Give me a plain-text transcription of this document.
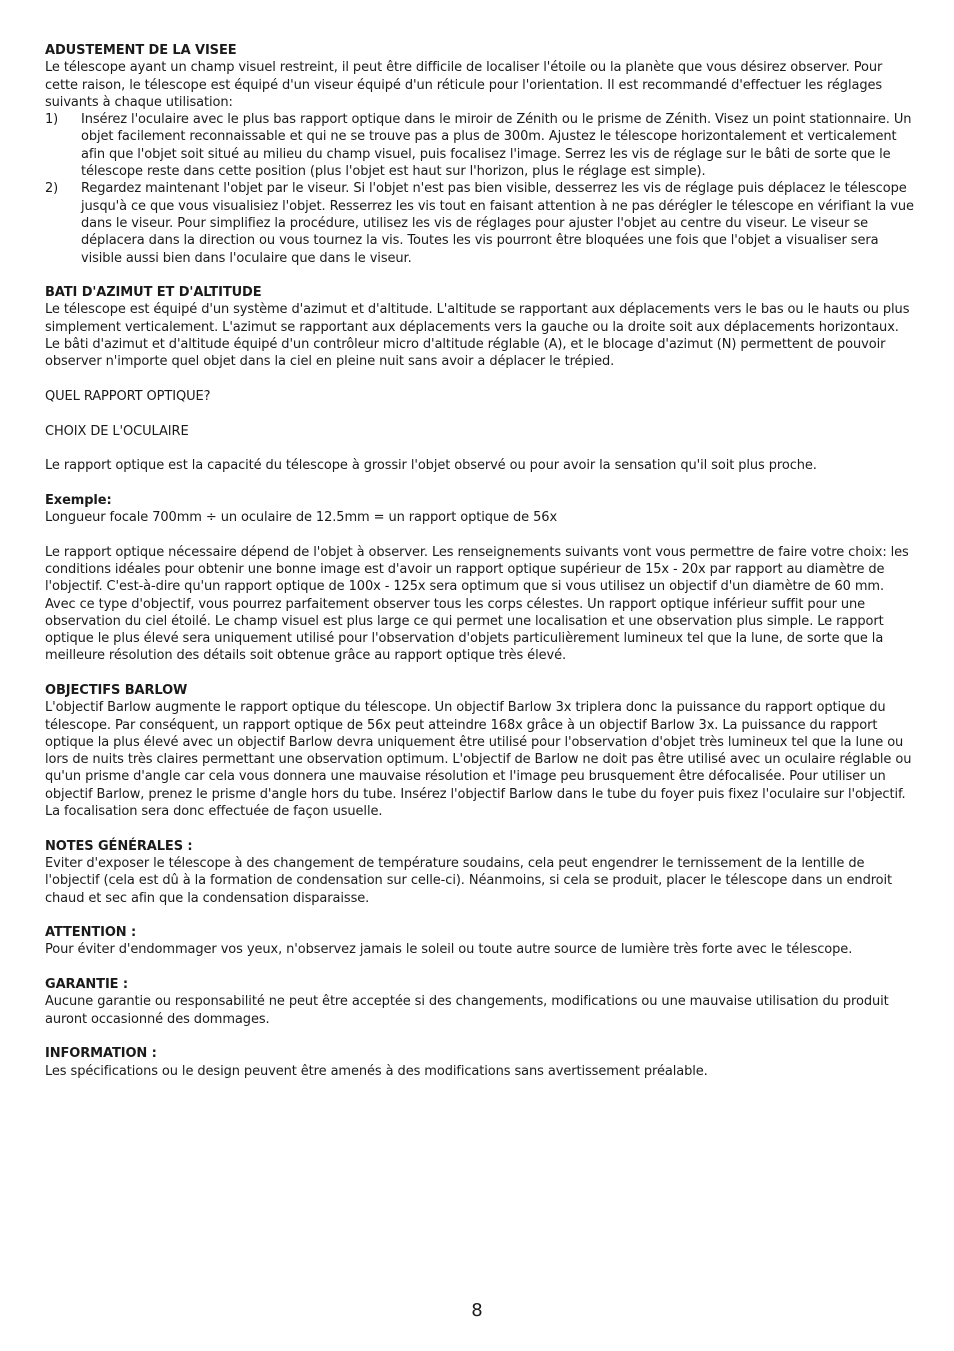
ADUSTEMENT DE LA VISEE

Le télescope ayant un champ visuel restreint, il peut être difficile de localiser l'étoile ou la planète que vous désirez observer. Pour cette raison, le télescope est équipé d'un viseur équipé d'un réticule pour l'orientation. Il est recommandé d'effectuer les réglages suivants à chaque utilisation:

1) Insérez l'oculaire avec le plus bas rapport optique dans le miroir de Zénith ou le prisme de Zénith. Visez un point stationnaire. Un objet facilement reconnaissable et qui ne se trouve pas a plus de 300m. Ajustez le télescope horizontalement et verticalement afin que l'objet soit situé au milieu du champ visuel, puis focalisez l'image. Serrez les vis de réglage sur le bâti de sorte que le télescope reste dans cette position (plus l'objet est haut sur l'horizon, plus le réglage est simple).
2) Regardez maintenant l'objet par le viseur. Si l'objet n'est pas bien visible, desserrez les vis de réglage puis déplacez le télescope jusqu'à ce que vous visualisiez l'objet. Resserrez les vis tout en faisant attention à ne pas dérégler le télescope en vérifiant la vue dans le viseur. Pour simplifiez la procédure, utilisez les vis de réglages pour ajuster l'objet au centre du viseur. Le viseur se déplacera dans la direction ou vous tournez la vis. Toutes les vis pourront être bloquées une fois que l'objet a visualiser sera visible aussi bien dans l'oculaire que dans le viseur.
BATI D'AZIMUT ET D'ALTITUDE

Le télescope est équipé d'un système d'azimut et d'altitude. L'altitude se rapportant aux déplacements vers le bas ou le hauts ou plus simplement verticalement. L'azimut se rapportant aux déplacements vers la gauche ou la droite soit aux déplacements horizontaux. Le bâti d'azimut et d'altitude équipé d'un contrôleur micro d'altitude réglable (A), et le blocage d'azimut (N) permettent de pouvoir observer n'importe quel objet dans la ciel en pleine nuit sans avoir a déplacer le trépied.

QUEL RAPPORT OPTIQUE?
CHOIX DE L'OCULAIRE

Le rapport optique est la capacité du télescope à grossir l'objet observé ou pour avoir la sensation qu'il soit plus proche.

Exemple:

Longueur focale 700mm ÷ un oculaire de 12.5mm = un rapport optique de 56x

Le rapport optique nécessaire dépend de l'objet à observer. Les renseignements suivants vont vous permettre de faire votre choix: les conditions idéales pour obtenir une bonne image est d'avoir un rapport optique supérieur de 15x - 20x par rapport au diamètre de l'objectif. C'est-à-dire qu'un rapport optique de 100x - 125x sera optimum que si vous utilisez un objectif d'un diamètre de 60 mm. Avec ce type d'objectif, vous pourrez parfaitement observer tous les corps célestes. Un rapport optique inférieur suffit pour une observation du ciel étoilé. Le champ visuel est plus large ce qui permet une localisation et une observation plus simple. Le rapport optique le plus élevé sera uniquement utilisé pour l'observation d'objets particulièrement lumineux tel que la lune, de sorte que la meilleure résolution des détails soit obtenue grâce au rapport optique très élevé.

OBJECTIFS BARLOW

L'objectif Barlow augmente le rapport optique du télescope. Un objectif Barlow 3x triplera donc la puissance du rapport optique du télescope. Par conséquent, un rapport optique de 56x peut atteindre 168x grâce à un objectif Barlow 3x. La puissance du rapport optique la plus élevé avec un objectif Barlow devra uniquement être utilisé pour l'observation d'objet très lumineux tel que la lune ou lors de nuits très claires permettant une observation optimum. L'objectif de Barlow ne doit pas être utilisé avec un oculaire réglable ou qu'un prisme d'angle car cela vous donnera une mauvaise résolution et l'image peu brusquement être défocalisée. Pour utiliser un objectif Barlow, prenez le prisme d'angle hors du tube. Insérez l'objectif Barlow dans le tube du foyer puis fixez l'oculaire sur l'objectif. La focalisation sera donc effectuée de façon usuelle.

NOTES GÉNÉRALES :

Eviter d'exposer le télescope à des changement de température soudains, cela peut engendrer le ternissement de la lentille de l'objectif (cela est dû à la formation de condensation sur celle-ci). Néanmoins, si cela se produit, placer le télescope dans un endroit chaud et sec afin que la condensation disparaisse.

ATTENTION :

Pour éviter d'endommager vos yeux, n'observez jamais le soleil ou toute autre source de lumière très forte avec le télescope.

GARANTIE :

Aucune garantie ou responsabilité ne peut être acceptée si des changements, modifications ou une mauvaise utilisation du produit auront occasionné des dommages.

INFORMATION :

Les spécifications ou le design peuvent être amenés à des modifications sans avertissement préalable.

8
